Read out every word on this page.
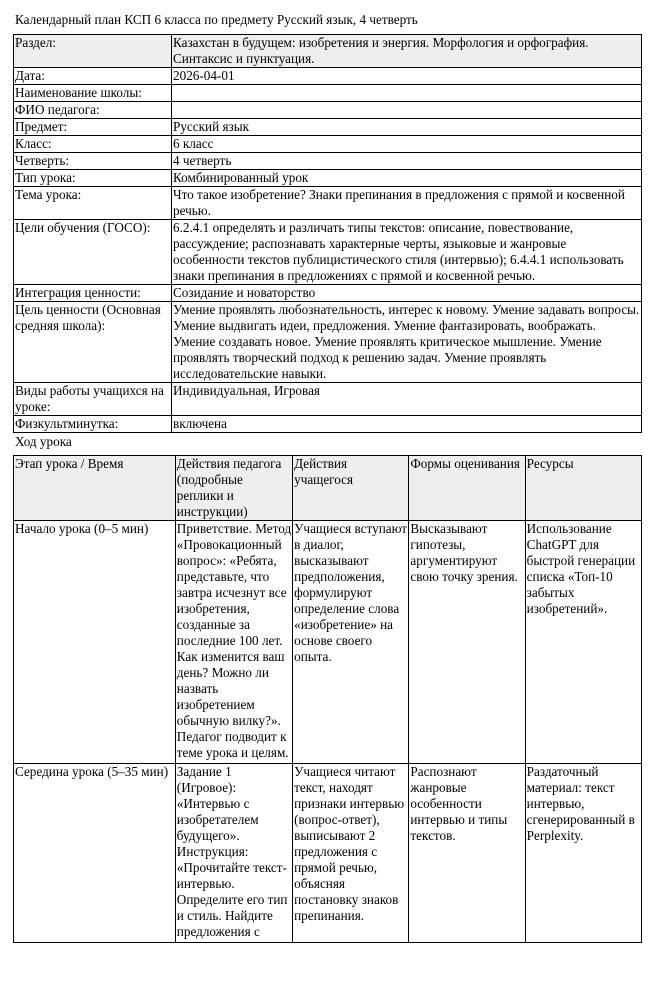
Календарный план КСП 6 класса по предмету Русский язык, 4 четверть
Раздел:	Казахстан в будущем: изобретения и энергия. Морфология и орфография. Синтаксис и пунктуация.
Дата:	2026-04-01
Наименование школы:	
ФИО педагога:	
Предмет:	Русский язык
Класс:	6 класс
Четверть:	4 четверть
Тип урока:	Комбинированный урок
Тема урока:	Что такое изобретение? Знаки препинания в предложения с прямой и косвенной речью.
Цели обучения (ГОСО):	6.2.4.1 определять и различать типы текстов: описание, повествование, рассуждение; распознавать характерные черты, языковые и жанровые особенности текстов публицистического стиля (интервью); 6.4.4.1 использовать знаки препинания в предложениях с прямой и косвенной речью.
Интеграция ценности:	Созидание и новаторство
Цель ценности (Основная средняя школа):	Умение проявлять любознательность, интерес к новому. Умение задавать вопросы. Умение выдвигать идеи, предложения. Умение фантазировать, воображать. Умение создавать новое. Умение проявлять критическое мышление. Умение проявлять творческий подход к решению задач. Умение проявлять исследовательские навыки.
Виды работы учащихся на уроке:	Индивидуальная, Игровая
Физкультминутка:	включена
Ход урока
Этап урока / Время	Действия педагога (подробные реплики и инструкции)	Действия учащегося	Формы оценивания	Ресурсы
Начало урока (0–5 мин)	Приветствие. Метод «Провокационный вопрос»: «Ребята, представьте, что завтра исчезнут все изобретения, созданные за последние 100 лет. Как изменится ваш день? Можно ли назвать изобретением обычную вилку?». Педагог подводит к теме урока и целям.	Учащиеся вступают в диалог, высказывают предположения, формулируют определение слова «изобретение» на основе своего опыта.	Высказывают гипотезы, аргументируют свою точку зрения.	Использование ChatGPT для быстрой генерации списка «Топ-10 забытых изобретений».
Середина урока (5–35 мин)	Задание 1 (Игровое): «Интервью с изобретателем будущего». Инструкция: «Прочитайте текст-интервью. Определите его тип и стиль. Найдите предложения с	Учащиеся читают текст, находят признаки интервью (вопрос-ответ), выписывают 2 предложения с прямой речью, объясняя постановку знаков препинания.	Распознают жанровые особенности интервью и типы текстов.	Раздаточный материал: текст интервью, сгенерированный в Perplexity.
